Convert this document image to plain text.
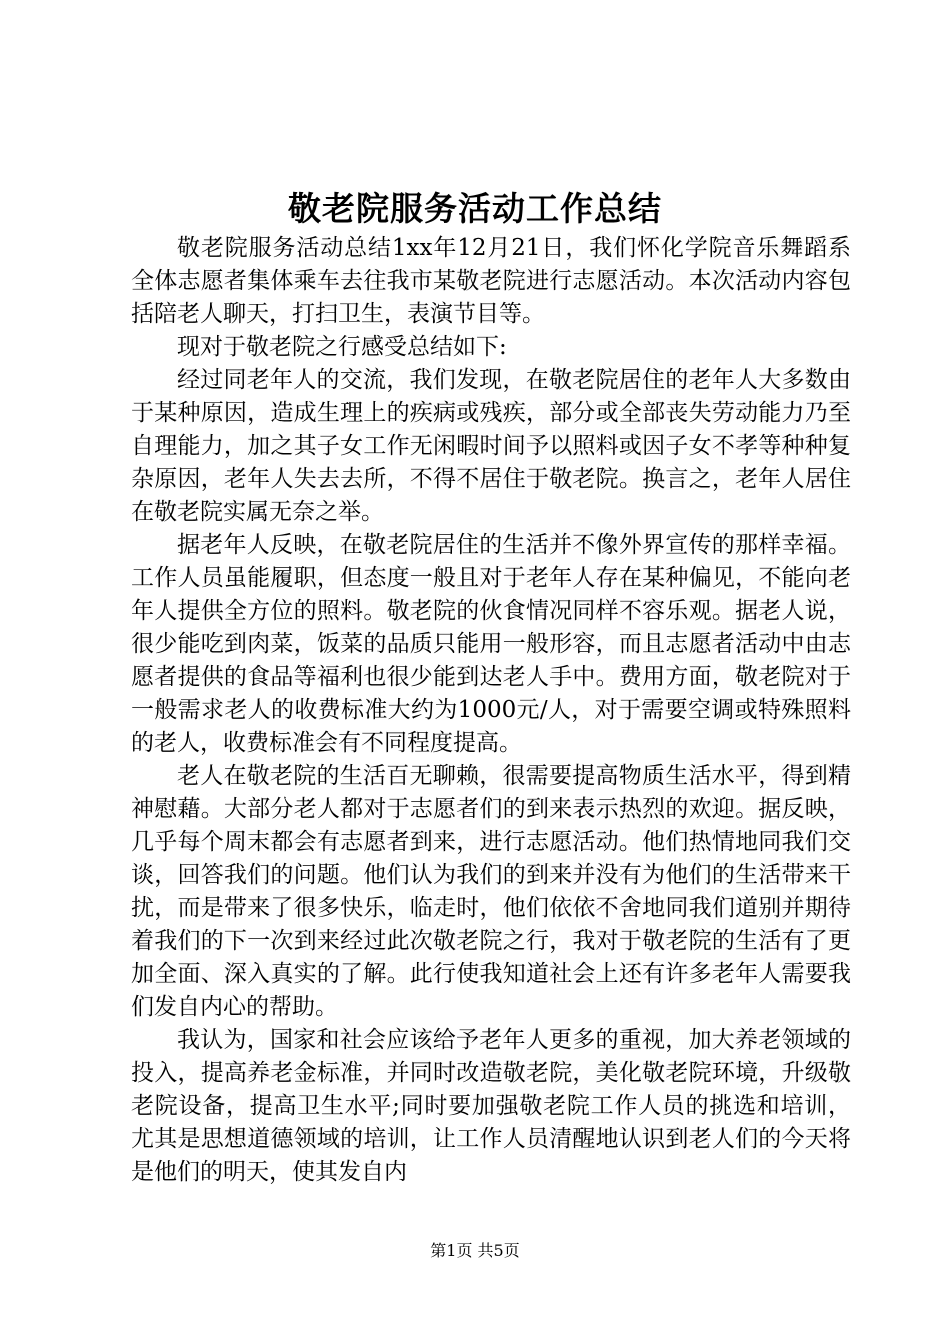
敬老院服务活动工作总结

敬老院服务活动总结1xx年12月21日，我们怀化学院音乐舞蹈系全体志愿者集体乘车去往我市某敬老院进行志愿活动。本次活动内容包括陪老人聊天，打扫卫生，表演节目等。

现对于敬老院之行感受总结如下:

经过同老年人的交流，我们发现，在敬老院居住的老年人大多数由于某种原因，造成生理上的疾病或残疾，部分或全部丧失劳动能力乃至自理能力，加之其子女工作无闲暇时间予以照料或因子女不孝等种种复杂原因，老年人失去去所，不得不居住于敬老院。换言之，老年人居住在敬老院实属无奈之举。

据老年人反映，在敬老院居住的生活并不像外界宣传的那样幸福。工作人员虽能履职，但态度一般且对于老年人存在某种偏见，不能向老年人提供全方位的照料。敬老院的伙食情况同样不容乐观。据老人说，很少能吃到肉菜，饭菜的品质只能用一般形容，而且志愿者活动中由志愿者提供的食品等福利也很少能到达老人手中。费用方面，敬老院对于一般需求老人的收费标准大约为1000元/人，对于需要空调或特殊照料的老人，收费标准会有不同程度提高。

老人在敬老院的生活百无聊赖，很需要提高物质生活水平，得到精神慰藉。大部分老人都对于志愿者们的到来表示热烈的欢迎。据反映，几乎每个周末都会有志愿者到来，进行志愿活动。他们热情地同我们交谈，回答我们的问题。他们认为我们的到来并没有为他们的生活带来干扰，而是带来了很多快乐，临走时，他们依依不舍地同我们道别并期待着我们的下一次到来经过此次敬老院之行，我对于敬老院的生活有了更加全面、深入真实的了解。此行使我知道社会上还有许多老年人需要我们发自内心的帮助。

我认为，国家和社会应该给予老年人更多的重视，加大养老领域的投入，提高养老金标准，并同时改造敬老院，美化敬老院环境，升级敬老院设备，提高卫生水平;同时要加强敬老院工作人员的挑选和培训，尤其是思想道德领域的培训，让工作人员清醒地认识到老人们的今天将是他们的明天，使其发自内

第1页 共5页
